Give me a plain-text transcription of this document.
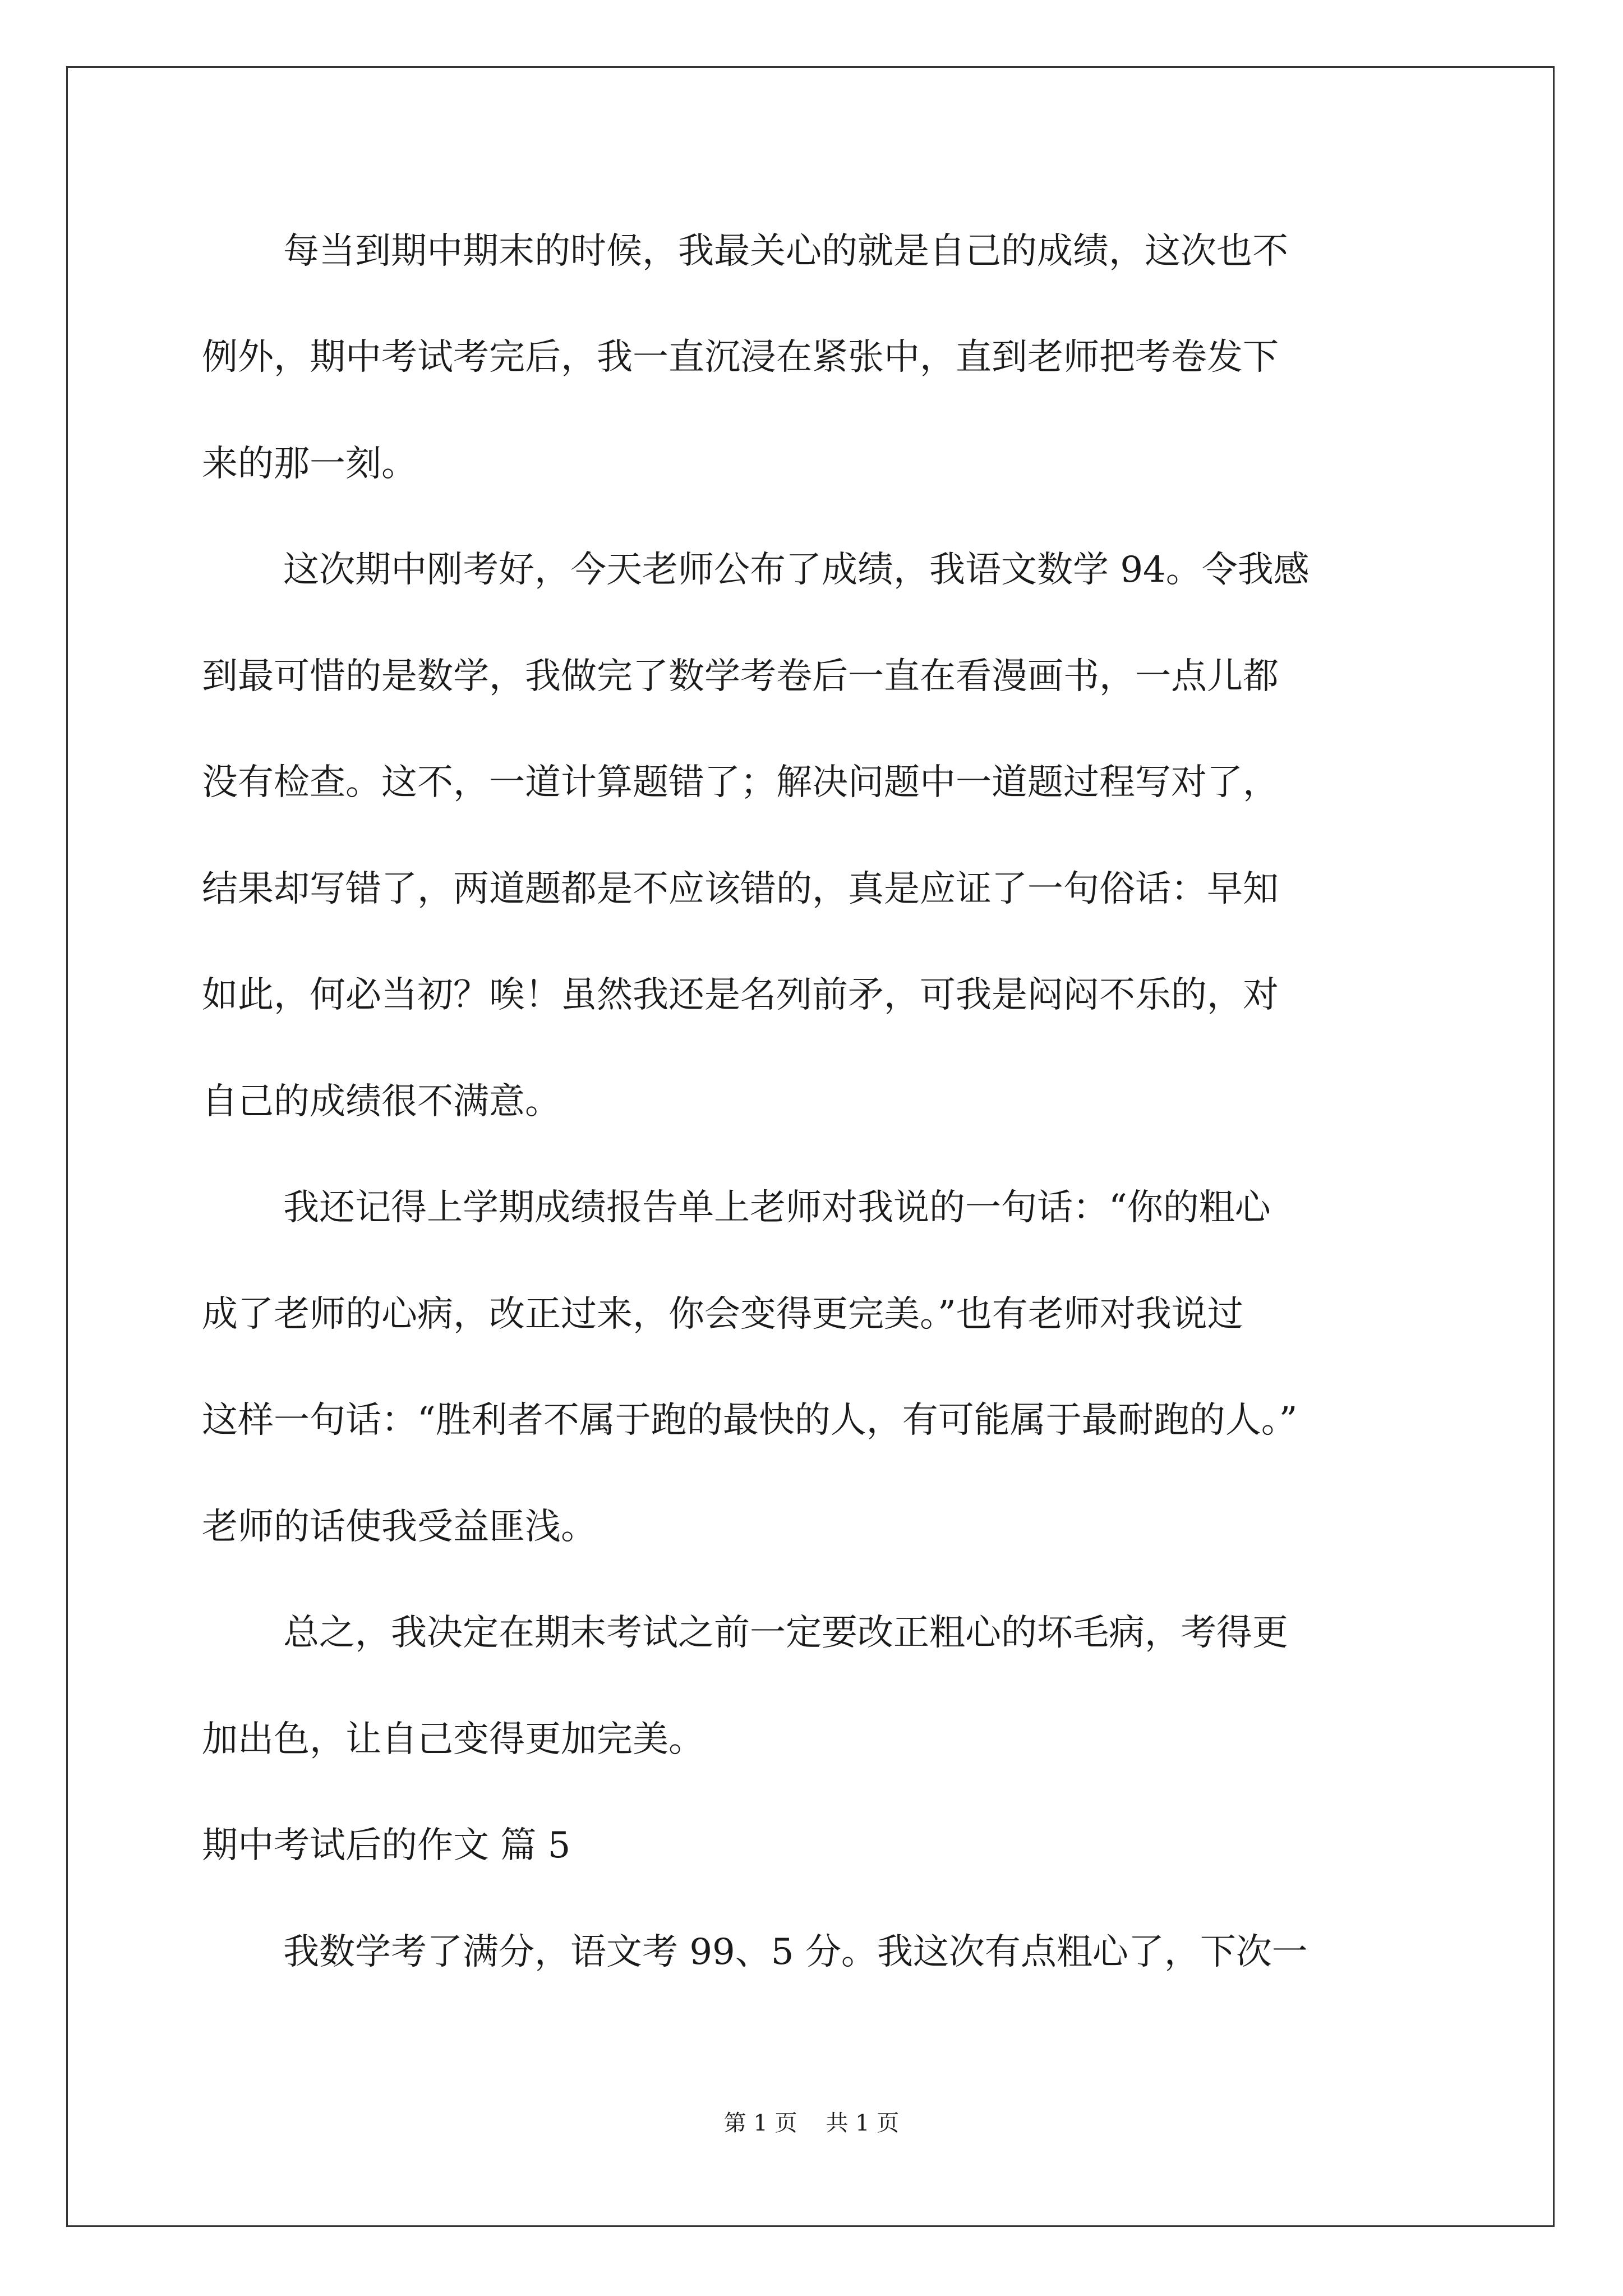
每当到期中期末的时候，我最关心的就是自己的成绩，这次也不
例外，期中考试考完后，我一直沉浸在紧张中，直到老师把考卷发下
来的那一刻。
这次期中刚考好，今天老师公布了成绩，我语文数学 94。令我感
到最可惜的是数学，我做完了数学考卷后一直在看漫画书，一点儿都
没有检查。这不，一道计算题错了；解决问题中一道题过程写对了，
结果却写错了，两道题都是不应该错的，真是应证了一句俗话：早知
如此，何必当初？唉！虽然我还是名列前矛，可我是闷闷不乐的，对
自己的成绩很不满意。
我还记得上学期成绩报告单上老师对我说的一句话：“你的粗心
成了老师的心病，改正过来，你会变得更完美。”也有老师对我说过
这样一句话：“胜利者不属于跑的最快的人，有可能属于最耐跑的人。”
老师的话使我受益匪浅。
总之，我决定在期末考试之前一定要改正粗心的坏毛病，考得更
加出色，让自己变得更加完美。
期中考试后的作文 篇 5
我数学考了满分，语文考 99、5 分。我这次有点粗心了，下次一
第 1 页    共 1 页
